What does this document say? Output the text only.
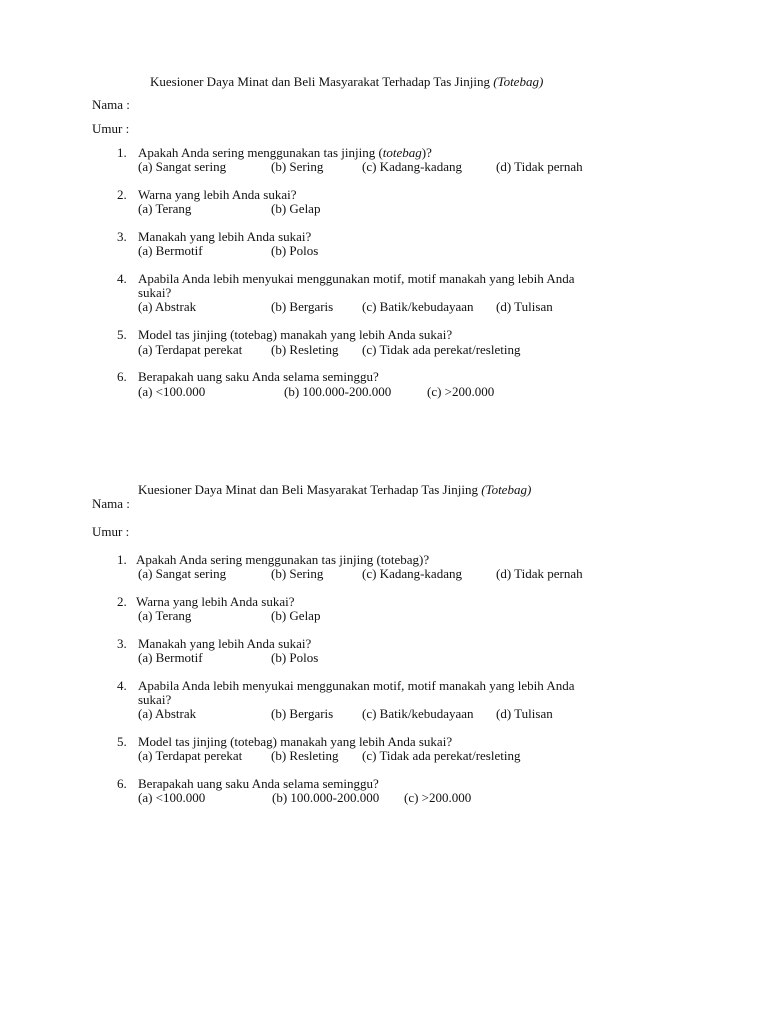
Kuesioner Daya Minat dan Beli Masyarakat Terhadap Tas Jinjing (Totebag)
Nama :
Umur :
1. Apakah Anda sering menggunakan tas jinjing (totebag)?
(a) Sangat sering	(b) Sering	(c) Kadang-kadang	(d) Tidak pernah
2. Warna yang lebih Anda sukai?
(a) Terang	(b) Gelap
3. Manakah yang lebih Anda sukai?
(a) Bermotif	(b) Polos
4. Apabila Anda lebih menyukai menggunakan motif, motif manakah yang lebih Anda
sukai?
(a) Abstrak	(b) Bergaris (c) Batik/kebudayaan (d) Tulisan
5. Model tas jinjing (totebag) manakah yang lebih Anda sukai?
(a) Terdapat perekat (b) Resleting (c) Tidak ada perekat/resleting
6. Berapakah uang saku Anda selama seminggu?
(a) <100.000	(b) 100.000-200.000	(c) >200.000
Kuesioner Daya Minat dan Beli Masyarakat Terhadap Tas Jinjing (Totebag)
Nama :
Umur :
1. Apakah Anda sering menggunakan tas jinjing (totebag)?
(a) Sangat sering	(b) Sering	(c) Kadang-kadang	(d) Tidak pernah
2. Warna yang lebih Anda sukai?
(a) Terang	(b) Gelap
3. Manakah yang lebih Anda sukai?
(a) Bermotif	(b) Polos
4. Apabila Anda lebih menyukai menggunakan motif, motif manakah yang lebih Anda
sukai?
(a) Abstrak	(b) Bergaris (c) Batik/kebudayaan (d) Tulisan
5. Model tas jinjing (totebag) manakah yang lebih Anda sukai?
(a) Terdapat perekat (b) Resleting (c) Tidak ada perekat/resleting
6. Berapakah uang saku Anda selama seminggu?
(a) <100.000	(b) 100.000-200.000 (c) >200.000
